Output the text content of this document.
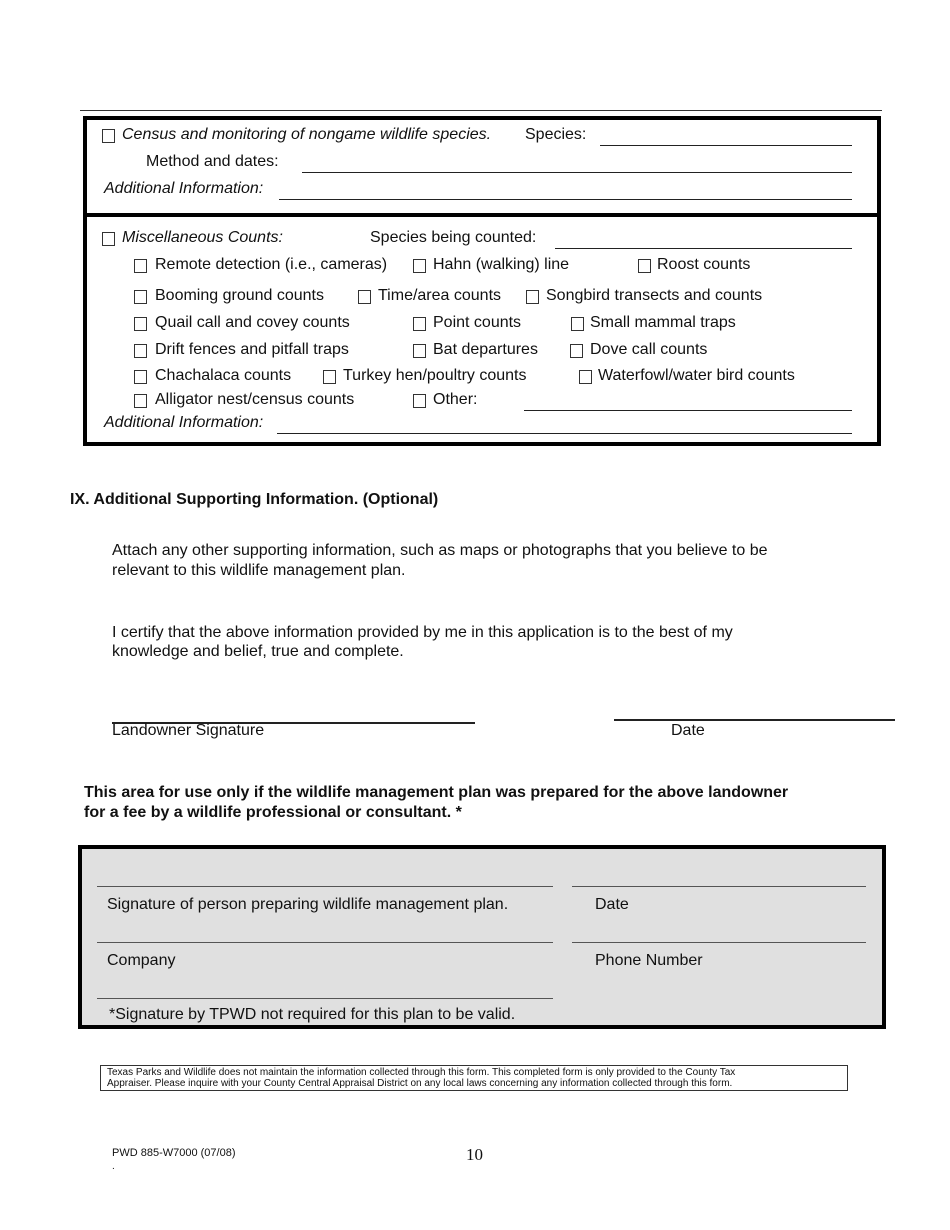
Census and monitoring of nongame wildlife species. Species:
Method and dates:
Additional Information:
Miscellaneous Counts:	Species being counted:
Remote detection (i.e., cameras)	Hahn (walking) line	Roost counts
Booming ground counts	Time/area counts	Songbird transects and counts
Quail call and covey counts	Point counts	Small mammal traps
Drift fences and pitfall traps	Bat departures	Dove call counts
Chachalaca counts	Turkey hen/poultry counts	Waterfowl/water bird counts
Alligator nest/census counts	Other:
Additional Information:
IX. Additional Supporting Information. (Optional)
Attach any other supporting information, such as maps or photographs that you believe to be
relevant to this wildlife management plan.
I certify that the above information provided by me in this application is to the best of my
knowledge and belief, true and complete.
Landowner Signature	Date
This area for use only if the wildlife management plan was prepared for the above landowner
for a fee by a wildlife professional or consultant. *
Signature of person preparing wildlife management plan.	Date
Company	Phone Number
*Signature by TPWD not required for this plan to be valid.
Texas Parks and Wildlife does not maintain the information collected through this form. This completed form is only provided to the County Tax
Appraiser. Please inquire with your County Central Appraisal District on any local laws concerning any information collected through this form.
PWD 885-W7000 (07/08)	10
.
